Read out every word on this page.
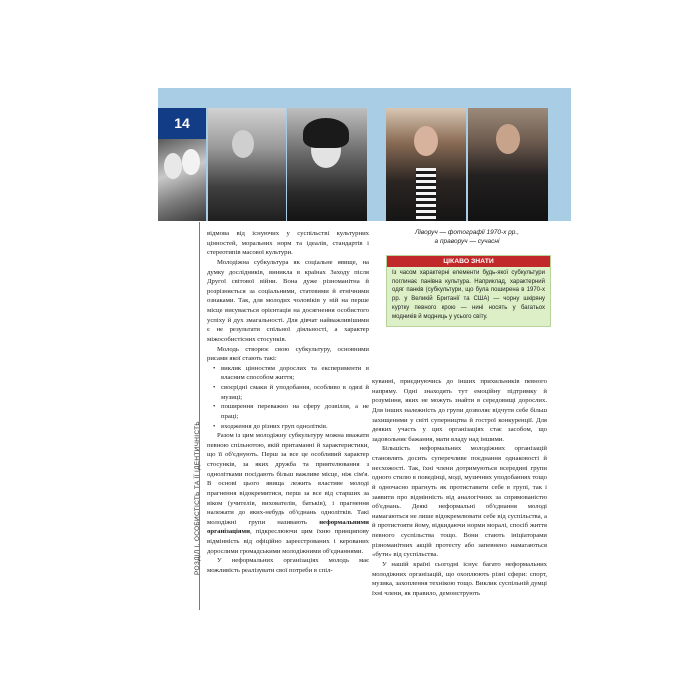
14
РОЗДІЛ І. ОСОБИСТІСТЬ ТА ЇЇ ІДЕНТИЧНІСТЬ

відмова від існуючих у суспільстві культурних цінностей, моральних норм та ідеалів, стандартів і стереотипів масової культури.

Молодіжна субкультура як соціальне явище, на думку дослідників, виникла в країнах Заходу після Другої світової війни. Вона дуже різноманітна й розрізняється за соціальними, статевими й етнічними ознаками. Так, для молодих чоловіків у ній на перше місце висувається орієнтація на досягнення особистого успіху й дух змагальності. Для дівчат найважливішими є не результати спільної діяльності, а характер міжособистісних стосунків.

Молодь створює свою субкультуру, основними рисами якої стають такі:

• виклик цінностям дорослих та експерименти в власним способом життя;
• своєрідні смаки й уподобання, особливо в одязі й музиці;
• поширення переважно на сферу дозвілля, а не праці;
• входження до різних груп однолітків.

Разом із цим молодіжну субкультуру можна вважати певною спільнотою, якій притаманні й характеристики, що її об'єднують. Перш за все це особливий характер стосунків, за яких дружба та приятелювання з однолітками посідають більш важливе місце, ніж сім'я. В основі цього явища лежить властиве молоді прагнення відокремитися, перш за все від старших за віком (учителів, вихователів, батьків), і прагнення належати до яких-небудь об'єднань однолітків. Такі молодіжні групи називають неформальними організаціями, підкреслюючи цим їхню принципову відмінність від офіційно зареєстрованих і керованих дорослими громадськими молодіжними об'єднаннями.

У неформальних організаціях молодь має можливість реалізувати свої потреби в спіл-

Ліворуч — фотографії 1970-х рр.,
а праворуч — сучасні
ЦІКАВО ЗНАТИ
Із часом характерні елементи будь-якої субкультури поглинає панівна культура. Наприклад, характерний одяг панків (субкультури, що була поширена в 1970-х рр. у Великій Британії та США) — чорну шкіряну куртку певного крою — нині носять у багатьох модників й модниць у усього світу.

куванні, приєднуючись до інших прихильників певного напряму. Одні знаходять тут емоційну підтримку й розуміння, яких не можуть знайти в середовищі дорослих. Для інших належність до групи дозволяє відчути себе більш захищеними у світі суперництва й гострої конкуренції. Для деяких участь у цих організаціях стає засобом, що задовольняє бажання, мати владу над іншими.

Більшість неформальних молодіжних організацій становлять досить суперечливе поєднання однаковості й несхожості. Так, їхні члени дотримуються всередині групи одного стилю в поведінці, моді, музичних уподобаннях тощо й одночасно прагнуть як протиставити себе в групі, так і заявити про відмінність від аналогічних за спрямованістю об'єднань. Деякі неформальні об'єднання молоді намагаються не лише відокремлювати себе від суспільства, а й протистояти йому, відкидаючи норми моралі, спосіб життя певного суспільства тощо. Вони стають ініціаторами різноманітних акцій протесту або запевнено намагаються «бути» від суспільства.

У нашій країні сьогодні існує багато неформальних молодіжних організацій, що охоплюють різні сфери: спорт, музика, захоплення технікою тощо. Виклик суспільній думці їхні члени, як правило, демонструють
